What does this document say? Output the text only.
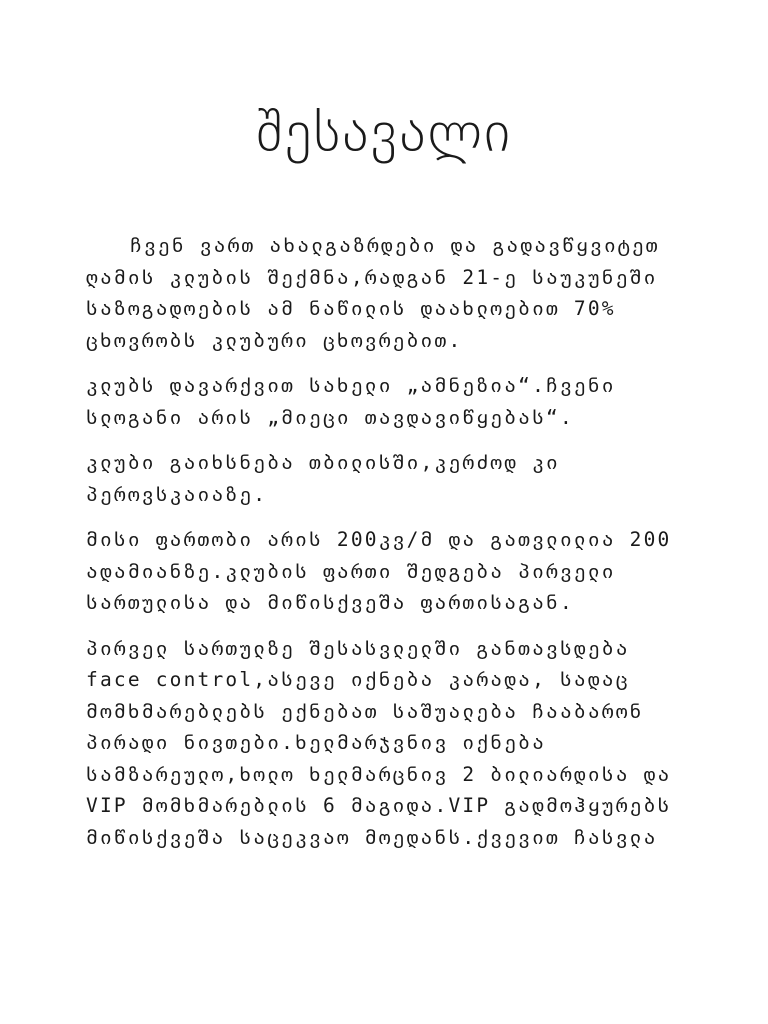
შესავალი

ჩვენ ვართ ახალგაზრდები და გადავწყვიტეთ
ღამის კლუბის შექმნა,რადგან 21-ე საუკუნეში
საზოგადოების ამ ნაწილის დაახლოებით 70%
ცხოვრობს კლუბური ცხოვრებით.

კლუბს დავარქვით სახელი „ამნეზია“.ჩვენი
სლოგანი არის „მიეცი თავდავიწყებას“.

კლუბი გაიხსნება თბილისში,კერძოდ კი
პეროვსკაიაზე.

მისი ფართობი არის 200კვ/მ და გათვლილია 200
ადამიანზე.კლუბის ფართი შედგება პირველი
სართულისა და მიწისქვეშა ფართისაგან.

პირველ სართულზე შესასვლელში განთავსდება
face control,ასევე იქნება კარადა, სადაც
მომხმარებლებს ექნებათ საშუალება ჩააბარონ
პირადი ნივთები.ხელმარჯვნივ იქნება
სამზარეულო,ხოლო ხელმარცნივ 2 ბილიარდისა და
VIP მომხმარებლის 6 მაგიდა.VIP გადმოჰყურებს
მიწისქვეშა საცეკვაო მოედანს.ქვევით ჩასვლა
